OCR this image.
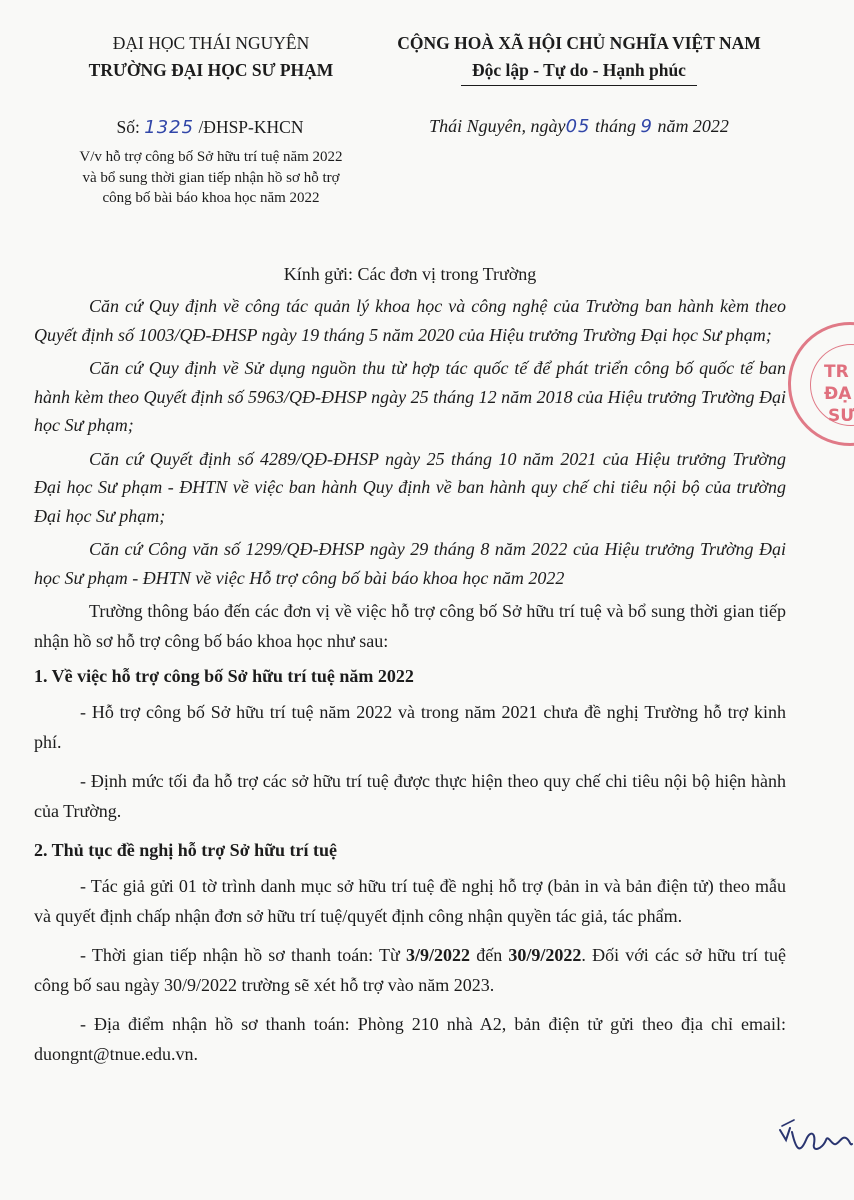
ĐẠI HỌC THÁI NGUYÊN
TRƯỜNG ĐẠI HỌC SƯ PHẠM
CỘNG HOÀ XÃ HỘI CHỦ NGHĨA VIỆT NAM
Độc lập - Tự do - Hạnh phúc
Số: 1325 /ĐHSP-KHCN
V/v hỗ trợ công bố Sở hữu trí tuệ năm 2022
và bổ sung thời gian tiếp nhận hồ sơ hỗ trợ
công bố bài báo khoa học năm 2022
Thái Nguyên, ngày05 tháng 9 năm 2022
Kính gửi: Các đơn vị trong Trường

Căn cứ Quy định về công tác quản lý khoa học và công nghệ của Trường ban hành kèm theo Quyết định số 1003/QĐ-ĐHSP ngày 19 tháng 5 năm 2020 của Hiệu trưởng Trường Đại học Sư phạm;

Căn cứ Quy định về Sử dụng nguồn thu từ hợp tác quốc tế để phát triển công bố quốc tế ban hành kèm theo Quyết định số 5963/QĐ-ĐHSP ngày 25 tháng 12 năm 2018 của Hiệu trưởng Trường Đại học Sư phạm;

Căn cứ Quyết định số 4289/QĐ-ĐHSP ngày 25 tháng 10 năm 2021 của Hiệu trưởng Trường Đại học Sư phạm - ĐHTN về việc ban hành Quy định về ban hành quy chế chi tiêu nội bộ của trường Đại học Sư phạm;

Căn cứ Công văn số 1299/QĐ-ĐHSP ngày 29 tháng 8 năm 2022 của Hiệu trưởng Trường Đại học Sư phạm - ĐHTN về việc Hỗ trợ công bố bài báo khoa học năm 2022

Trường thông báo đến các đơn vị về việc hỗ trợ công bố Sở hữu trí tuệ và bổ sung thời gian tiếp nhận hồ sơ hỗ trợ công bố báo khoa học như sau:

1. Về việc hỗ trợ công bố Sở hữu trí tuệ năm 2022

- Hỗ trợ công bố Sở hữu trí tuệ năm 2022 và trong năm 2021 chưa đề nghị Trường hỗ trợ kinh phí.

- Định mức tối đa hỗ trợ các sở hữu trí tuệ được thực hiện theo quy chế chi tiêu nội bộ hiện hành của Trường.

2. Thủ tục đề nghị hỗ trợ Sở hữu trí tuệ

- Tác giả gửi 01 tờ trình danh mục sở hữu trí tuệ đề nghị hỗ trợ (bản in và bản điện tử) theo mẫu và quyết định chấp nhận đơn sở hữu trí tuệ/quyết định công nhận quyền tác giả, tác phẩm.

- Thời gian tiếp nhận hồ sơ thanh toán: Từ 3/9/2022 đến 30/9/2022. Đối với các sở hữu trí tuệ công bố sau ngày 30/9/2022 trường sẽ xét hỗ trợ vào năm 2023.

- Địa điểm nhận hồ sơ thanh toán: Phòng 210 nhà A2, bản điện tử gửi theo địa chỉ email: duongnt@tnue.edu.vn.

TR
ĐẠ
SƯ
